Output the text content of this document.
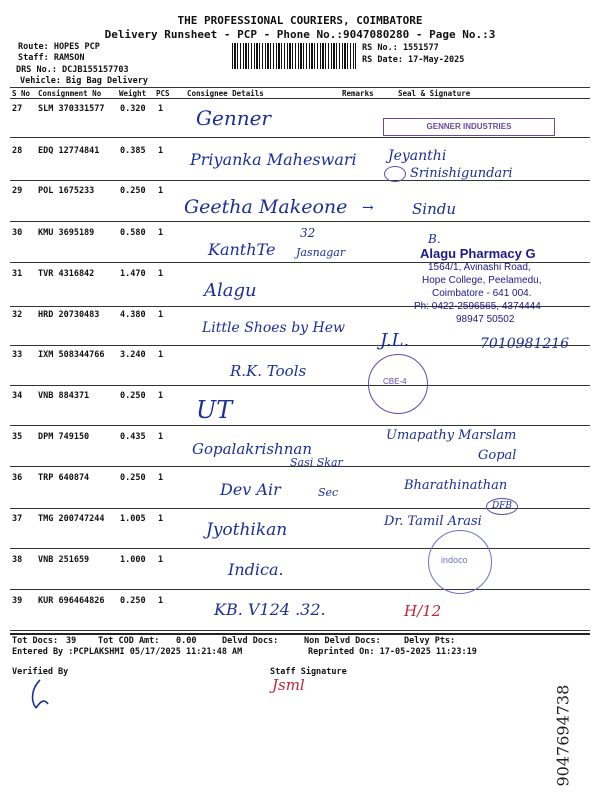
THE PROFESSIONAL COURIERS, COIMBATORE
Delivery Runsheet - PCP - Phone No.:9047080280 - Page No.:3
Route: HOPES PCP
Staff: RAMSON
DRS No.: DCJB155157703
Vehicle: Big Bag Delivery
RS No.: 1551577
RS Date: 17-May-2025
S No Consignment No Weight PCS Consignee Details	Remarks	Seal & Signature
27 SLM 370331577 0.320 1 Genner
28 EDQ 12774841 0.385 1 Priyanka Maheswari
29 POL 1675233	0.250 1
Geetha Makeone
30 KMU 3695189	0.580 1
KanthTe
31 TVR 4316842	1.470 1
Alagu
32 HRD 20730483 4.380 1
Little Shoes by Hew
33 IXM 508344766 3.240 1
R.K. Tools
34 VNB 884371	0.250 1 UT
35 DPM 749150	0.435 1
Gopalakrishnan
36 TRP 640874	0.250 1
Dev Air
37 TMG 200747244 1.005 1
Jyothikan
38 VNB 251659	1.000 1	Indica.
39 KUR 696464826 0.250 1	KB. V124 .32.
Jeyanthi
Srinishigundari
→	Sindu
32
Jasnagar
B.
J.L.	7010981216
Umapathy Marslam
Gopal
Sasi Skar
Sec	Bharathinathan
DFB
Dr. Tamil Arasi
H/12
GENNER INDUSTRIES
Alagu Pharmacy G
1564/1, Avinashi Road,
Hope College, Peelamedu,
Coimbatore - 641 004.
Ph: 0422-2596565, 4374444
98947 50502
CBE-4
indoco
Tot Docs: 39	Tot COD Amt: 0.00	Delvd Docs:	Non Delvd Docs:	Delvy Pts:
Entered By :PCPLAKSHMI 05/17/2025 11:21:48 AM	Reprinted On: 17-05-2025 11:23:19
Verified By	Staff Signature
Jsml	9047694738
